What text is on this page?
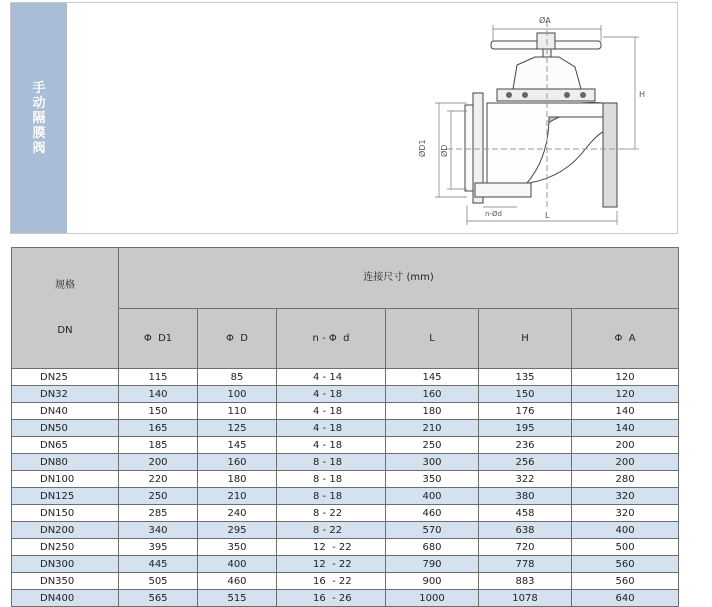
手
动
隔
膜
阀
ØA
H
ØD1 ØD
n-Ød	L

规格

DN	连接尺寸 (mm)					
	Φ  D1	Φ  D	n - Φ  d	L	H	Φ  A
DN25	115	85	4 - 14	145	135	120
DN32	140	100	4 - 18	160	150	120
DN40	150	110	4 - 18	180	176	140
DN50	165	125	4 - 18	210	195	140
DN65	185	145	4 - 18	250	236	200
DN80	200	160	8 - 18	300	256	200
DN100	220	180	8 - 18	350	322	280
DN125	250	210	8 - 18	400	380	320
DN150	285	240	8 - 22	460	458	320
DN200	340	295	8 - 22	570	638	400
DN250	395	350	12  - 22	680	720	500
DN300	445	400	12  - 22	790	778	560
DN350	505	460	16  - 22	900	883	560
DN400	565	515	16  - 26	1000	1078	640
